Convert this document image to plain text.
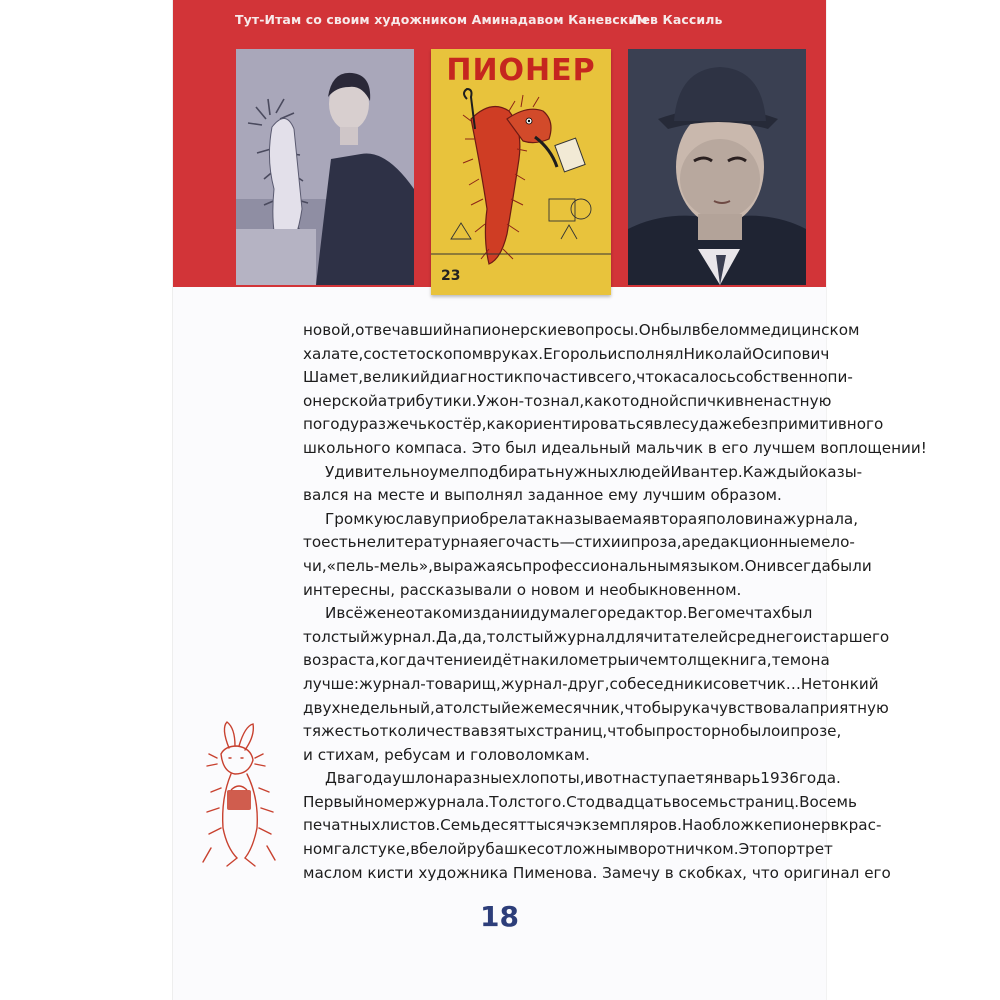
Тут-Итам со своим художником Аминадавом Каневским
Лев Кассиль
ПИОНЕР
23
новой, отвечавший на пионерские вопросы. Он был в белом медицинском
халате, со стетоскопом в руках. Его роль исполнял Николай Осипович
Шамет, великий диагностик по части всего, что касалось собственно пи-
онерской атрибутики. Уж он-то знал, как от одной спички в ненастную
погоду разжечь костёр, как ориентироваться в лесу даже без примитивного
школьного компаса. Это был идеальный мальчик в его лучшем воплощении!
Удивительно умел подбирать нужных людей Ивантер. Каждый оказы-
вался на месте и выполнял заданное ему лучшим образом.
Громкую славу приобрела так называемая вторая половина журнала,
то есть не литературная его часть — стихи и проза, а редакционные мело-
чи, «пель-мель», выражаясь профессиональным языком. Они всегда были
интересны, рассказывали о новом и необыкновенном.
И всё же не о таком издании думал его редактор. В его мечтах был
толстый журнал. Да, да, толстый журнал для читателей среднего и старшего
возраста, когда чтение идёт на километры и чем толще книга, тем она
лучше: журнал-товарищ, журнал-друг, собеседник и советчик… Не тонкий
двухнедельный, а толстый ежемесячник, чтобы рука чувствовала приятную
тяжесть от количества взятых страниц, чтобы просторно было и прозе,
и стихам, ребусам и головоломкам.
Два года ушло на разные хлопоты, и вот наступает январь 1936 года.
Первый номер журнала. Толстого. Сто двадцать восемь страниц. Восемь
печатных листов. Семьдесят тысяч экземпляров. На обложке пионер в крас-
ном галстуке, в белой рубашке с отложным воротничком. Это портрет
маслом кисти художника Пименова. Замечу в скобках, что оригинал его
18
